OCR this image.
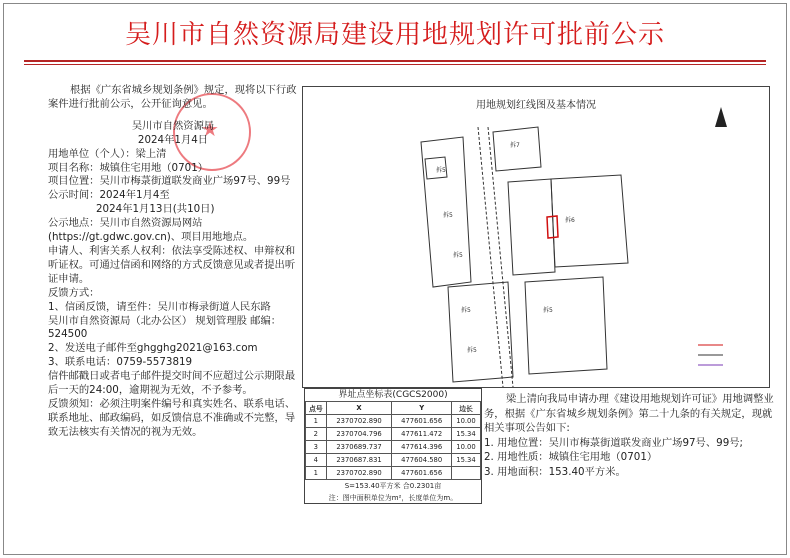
吴川市自然资源局建设用地规划许可批前公示
★

根据《广东省城乡规划条例》规定，现将以下行政案件进行批前公示，公开征询意见。

吴川市自然资源局

2024年1月4日

用地单位（个人）：梁上清

项目名称：城镇住宅用地（0701）

项目位置：吴川市梅菉街道联发商业广场97号、99号

公示时间：2024年1月4至

2024年1月13日(共10日)

公示地点：吴川市自然资源局网站

(https://gt.gdwc.gov.cn)、项目用地地点。

申请人、利害关系人权利：依法享受陈述权、申辩权和听证权。可通过信函和网络的方式反馈意见或者提出听证申请。

反馈方式：

1、信函反馈，请至件：吴川市梅录街道人民东路

吴川市自然资源局（北办公区） 规划管理股 邮编：524500

2、发送电子邮件至ghgghg2021@163.com

3、联系电话：0759-5573819

信件邮戳日或者电子邮件提交时间不应超过公示期限最后一天的24:00，逾期视为无效，不予参考。

反馈须知：必须注明案件编号和真实姓名、联系电话、联系地址、邮政编码，如反馈信息不准确或不完整，导致无法核实有关情况的视为无效。

用地规划红线图及基本情况
拆7
拆5
拆5
拆5
拆5
拆5
拆5
拆6
界址点坐标表(CGCS2000)
点号	X	Y	边长
1	2370702.890	477601.656	10.00
2	2370704.796	477611.472	15.34
3	2370689.737	477614.396	10.00
4	2370687.831	477604.580	15.34
1	2370702.890	477601.656	
S=153.40平方米 合0.2301亩
注：图中面积单位为m²，长度单位为m。

梁上清向我局申请办理《建设用地规划许可证》用地调整业务，根据《广东省城乡规划条例》第二十九条的有关规定，现就相关事项公告如下:

1. 用地位置：吴川市梅菉街道联发商业广场97号、99号;

2. 用地性质：城镇住宅用地（0701）

3. 用地面积：153.40平方米。
